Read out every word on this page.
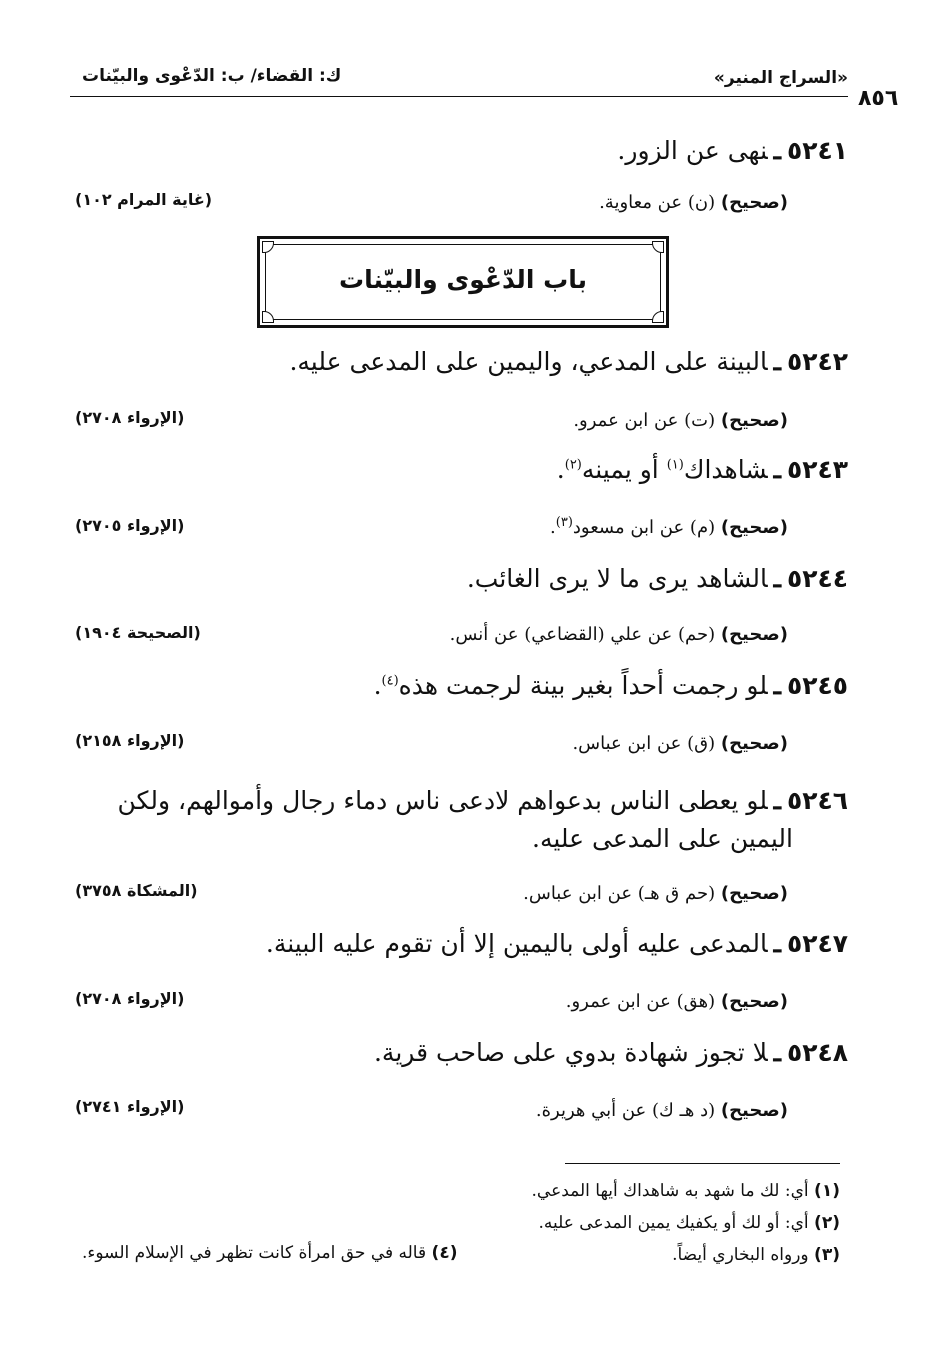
«السراج المنير»
ك: القضاء/ ب: الدّعْوى والبيّنات
٨٥٦
٥٢٤١ـنهى عن الزور.
(صحيح) (ن) عن معاوية.
(غاية المرام ١٠٢)
باب الدّعْوى والبيّنات
٥٢٤٢ـالبينة على المدعي، واليمين على المدعى عليه.
(صحيح) (ت) عن ابن عمرو.
(الإرواء ٢٧٠٨)
٥٢٤٣ـشاهداك$^{(١)}$ أو يمينه$^{(٢)}$.
(صحيح) (م) عن ابن مسعود$^{(٣)}$.
(الإرواء ٢٧٠٥)
٥٢٤٤ـالشاهد يرى ما لا يرى الغائب.
(صحيح) (حم) عن علي (القضاعي) عن أنس.
(الصحيحة ١٩٠٤)
٥٢٤٥ـلو رجمت أحداً بغير بينة لرجمت هذه$^{(٤)}$.
(صحيح) (ق) عن ابن عباس.
(الإرواء ٢١٥٨)
٥٢٤٦ـلو يعطى الناس بدعواهم لادعى ناس دماء رجال وأموالهم، ولكن
اليمين على المدعى عليه.
(صحيح) (حم ق هـ) عن ابن عباس.
(المشكاة ٣٧٥٨)
٥٢٤٧ـالمدعى عليه أولى باليمين إلا أن تقوم عليه البينة.
(صحيح) (هق) عن ابن عمرو.
(الإرواء ٢٧٠٨)
٥٢٤٨ـلا تجوز شهادة بدوي على صاحب قرية.
(صحيح) (د هـ ك) عن أبي هريرة.
(الإرواء ٢٧٤١)
(١) أي: لك ما شهد به شاهداك أيها المدعي.
(٢) أي: أو لك أو يكفيك يمين المدعى عليه.
(٣) ورواه البخاري أيضاً.
(٤) قاله في حق امرأة كانت تظهر في الإسلام السوء.
